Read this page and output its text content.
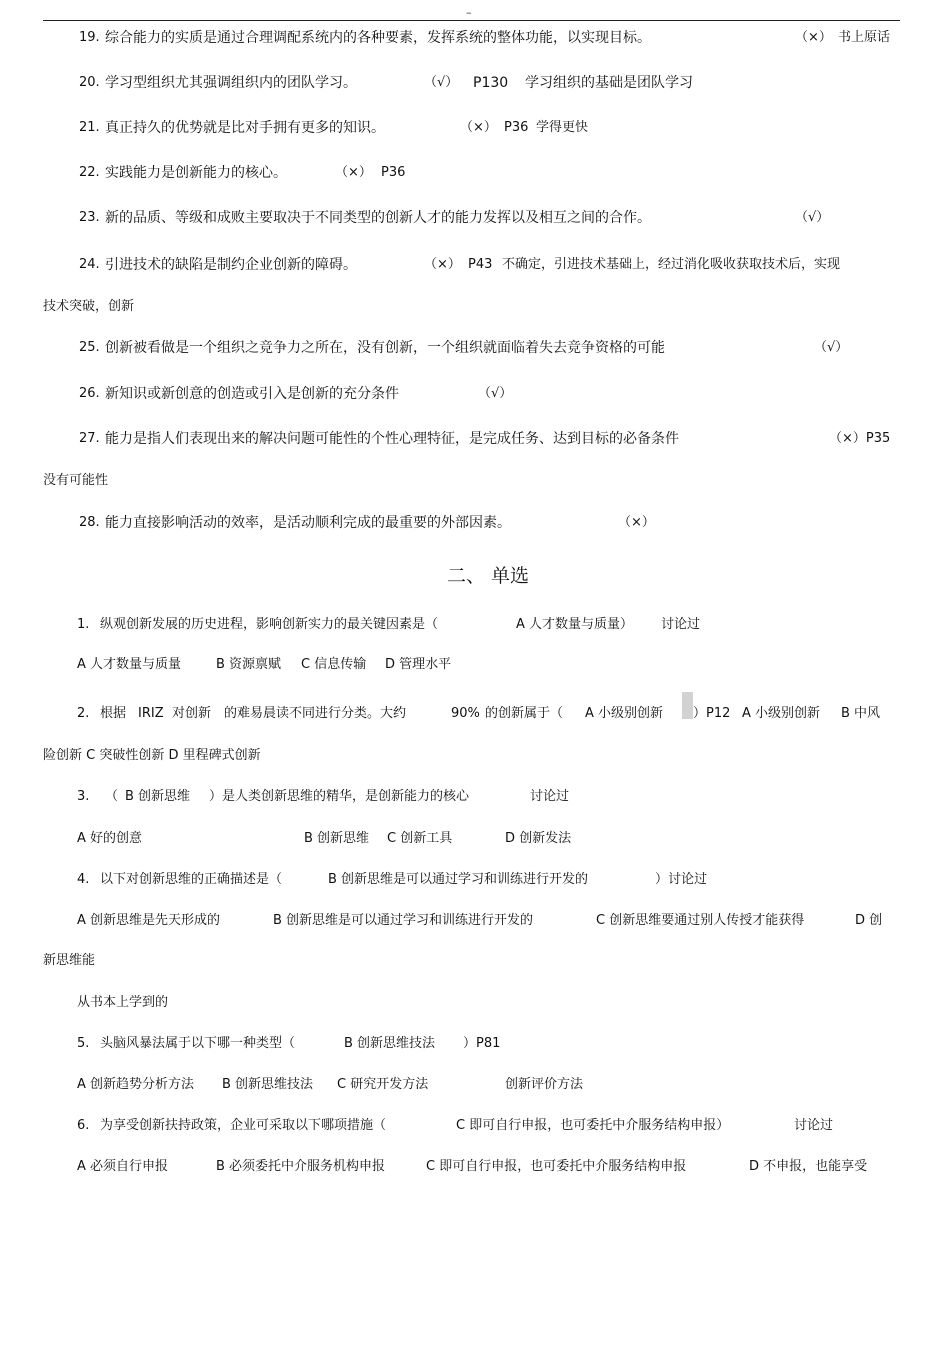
–
19. 综合能力的实质是通过合理调配系统内的各种要素，发挥系统的整体功能，以实现目标。	（×） 书上原话
20. 学习型组织尤其强调组织内的团队学习。	（√） P130 学习组织的基础是团队学习
21. 真正持久的优势就是比对手拥有更多的知识。	（×） P36 学得更快
22. 实践能力是创新能力的核心。	（×） P36
23. 新的品质、等级和成败主要取决于不同类型的创新人才的能力发挥以及相互之间的合作。	（√）
24. 引进技术的缺陷是制约企业创新的障碍。	（×） P43 不确定，引进技术基础上，经过消化吸收获取技术后，实现
技术突破，创新
25. 创新被看做是一个组织之竞争力之所在，没有创新，一个组织就面临着失去竞争资格的可能	（√）
26. 新知识或新创意的创造或引入是创新的充分条件	（√）
27. 能力是指人们表现出来的解决问题可能性的个性心理特征，是完成任务、达到目标的必备条件	（×）P35
没有可能性
28. 能力直接影响活动的效率，是活动顺利完成的最重要的外部因素。	（×）
二、 单选
1. 纵观创新发展的历史进程，影响创新实力的最关键因素是（	A 人才数量与质量） 讨论过
A 人才数量与质量	B 资源禀赋 C 信息传输 D 管理水平
2. 根据 IRIZ 对创新 的难易晨读不同进行分类。大约	90% 的创新属于（ A 小级别创新 ）P12 A 小级别创新 B 中风
险创新 C 突破性创新 D 里程碑式创新
3. （ B 创新思维 ）是人类创新思维的精华，是创新能力的核心	讨论过
A 好的创意	B 创新思维 C 创新工具	D 创新发法
4. 以下对创新思维的正确描述是（	B 创新思维是可以通过学习和训练进行开发的	）讨论过
A 创新思维是先天形成的	B 创新思维是可以通过学习和训练进行开发的	C 创新思维要通过别人传授才能获得	D 创
新思维能
从书本上学到的
5. 头脑风暴法属于以下哪一种类型（	B 创新思维技法 ）P81
A 创新趋势分析方法 B 创新思维技法 C 研究开发方法	创新评价方法
6. 为享受创新扶持政策，企业可采取以下哪项措施（	C 即可自行申报，也可委托中介服务结构申报）	讨论过
A 必须自行申报	B 必须委托中介服务机构申报	C 即可自行申报，也可委托中介服务结构申报	D 不申报，也能享受
